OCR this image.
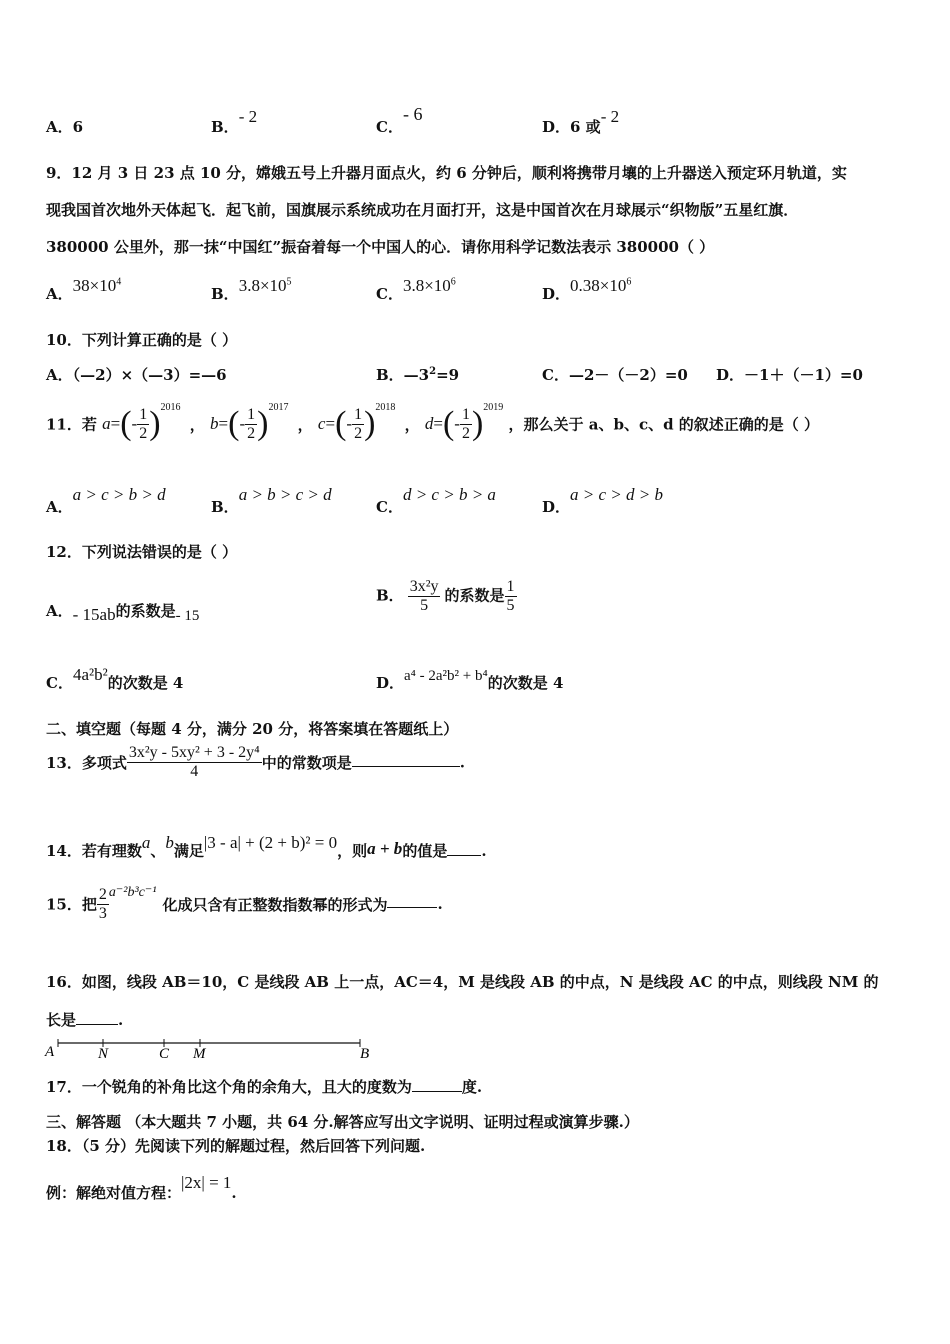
A．6	B．- 2
C．- 6
D．6 或- 2
9．12 月 3 日 23 点 10 分，嫦娥五号上升器月面点火，约 6 分钟后，顺利将携带月壤的上升器送入预定环月轨道，实
现我国首次地外天体起飞．起飞前，国旗展示系统成功在月面打开，这是中国首次在月球展示“织物版”五星红旗．
380000 公里外，那一抹“中国红”振奋着每一个中国人的心．请你用科学记数法表示 380000（ ）
A．$38\times 10^4$
B．$3.8\times 10^5$
C．$3.8\times 10^6$
D．$0.38\times 10^6$
10．下列计算正确的是（ ）
A．（—2）×（—3）=—6	B．$—3^2=9$	C．—2－（－2）=0 D．－1＋（－1）=0
11．若 $a=(- \frac{1}{2} )^{2016}$ ， $b=(- \frac{1}{2} )^{2017}$ ， $c=(- \frac{1}{2} )^{2018}$ ， $d=(- \frac{1}{2} )^{2019}$ ，那么关于 a、b、c、d 的叙述正确的是（ ）
A．a > c > b > d
B．a > b > c > d
C．d > c > b > a
D．a > c > d > b
12．下列说法错误的是（ ）
A．- 15ab的系数是- 15
B． $\frac{\text{3x²y}}{5}$ 的系数是 $\frac{1}{5}$
C．4a²b²的次数是 4	D．a⁴ - 2a²b² + b⁴的次数是 4
二、填空题（每题 4 分，满分 20 分，将答案填在答题纸上）
13．多项式 $\frac{\text{3x²y - 5xy² + 3 - 2y⁴}}{4}$ 中的常数项是	.
14．若有理数a、b满足|3 - a| + (2 + b)² = 0，则a + b的值是 .
15．把 $\frac{2}{3} a^{-2}b^3c^{-1}$化成只含有正整数指数幂的形式为	.
16．如图，线段 AB＝10，C 是线段 AB 上一点，AC＝4，M 是线段 AB 的中点，N 是线段 AC 的中点，则线段 NM 的
长是	.
A	N	C M	B
17．一个锐角的补角比这个角的余角大，且大的度数为	度.
三、解答题 （本大题共 7 小题，共 64 分.解答应写出文字说明、证明过程或演算步骤.）
18．（5 分）先阅读下列的解题过程，然后回答下列问题.
例：解绝对值方程：|2x| = 1.
